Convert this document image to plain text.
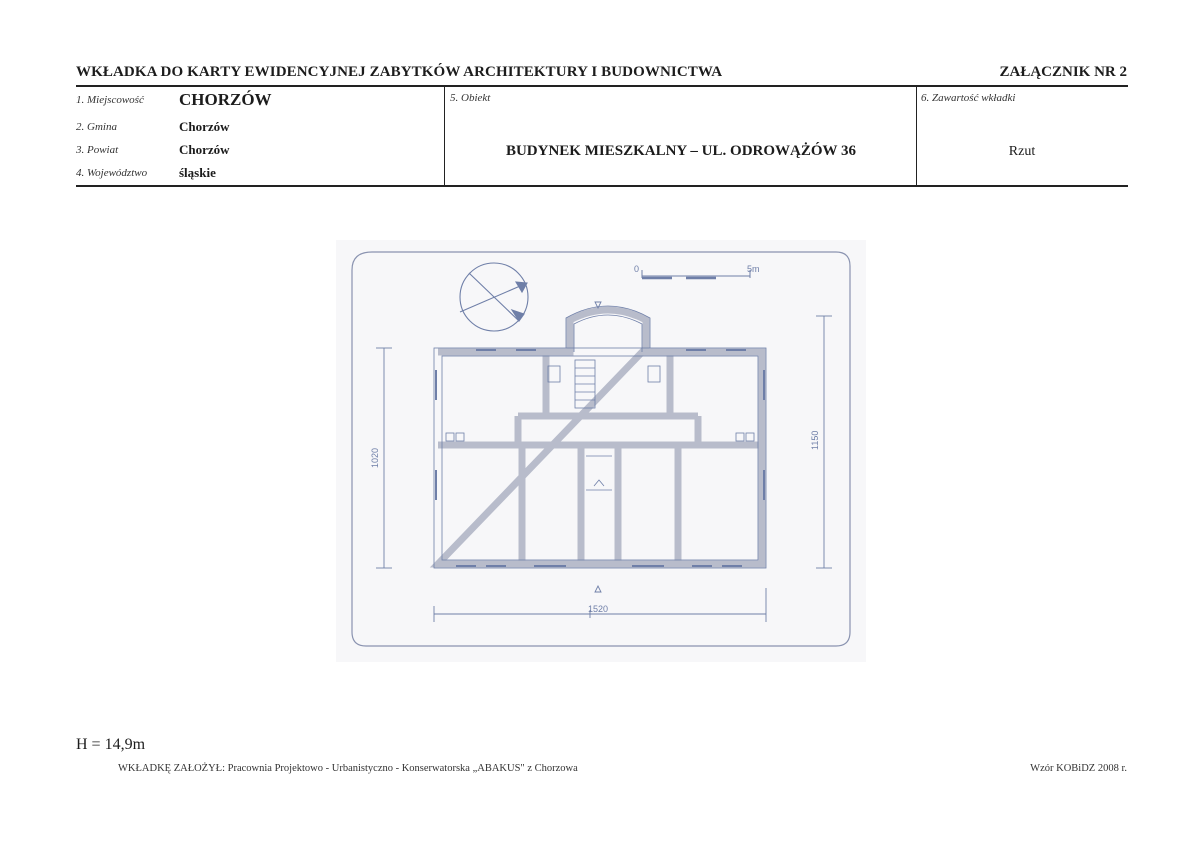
WKŁADKA DO KARTY EWIDENCYJNEJ ZABYTKÓW ARCHITEKTURY I BUDOWNICTWA	ZAŁĄCZNIK NR 2
1. Miejscowość CHORZÓW
2. Gmina	Chorzów
3. Powiat	Chorzów
4. Województwo śląskie
5. Obiekt
BUDYNEK MIESZKALNY – UL. ODROWĄŻÓW 36
6. Zawartość wkładki
Rzut
0	5m
1520
1020
1150
H = 14,9m
WKŁADKĘ ZAŁOŻYŁ: Pracownia Projektowo - Urbanistyczno - Konserwatorska „ABAKUS" z Chorzowa	Wzór KOBiDZ 2008 r.
